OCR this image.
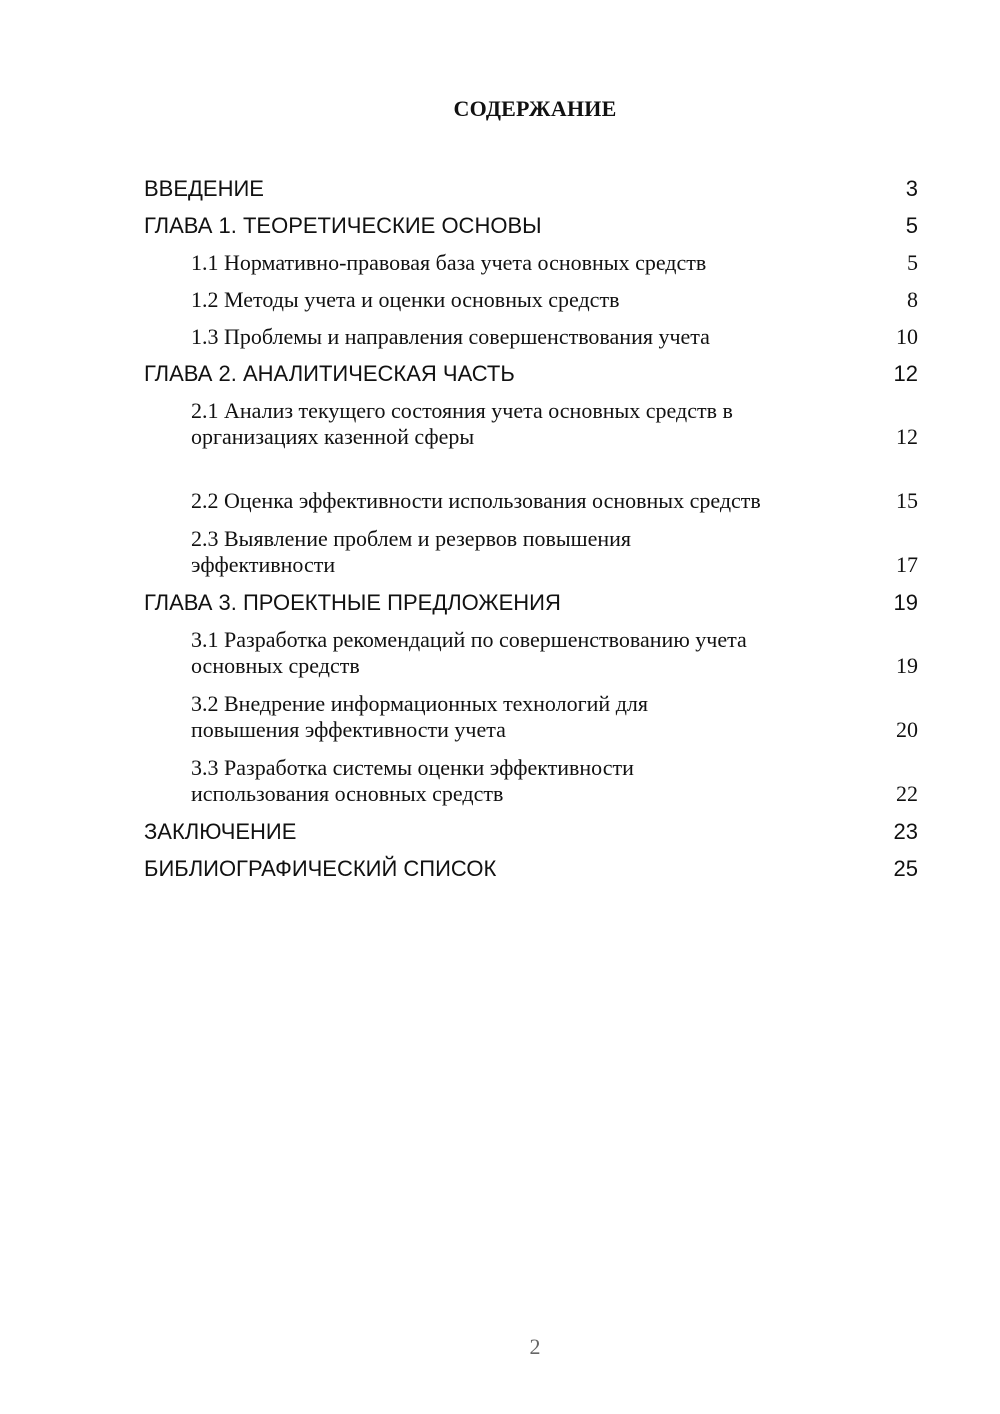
СОДЕРЖАНИЕ
ВВЕДЕНИЕ	3
ГЛАВА 1. ТЕОРЕТИЧЕСКИЕ ОСНОВЫ	5
1.1 Нормативно-правовая база учета основных средств	5
1.2 Методы учета и оценки основных средств	8
1.3 Проблемы и направления совершенствования учета	10
ГЛАВА 2. АНАЛИТИЧЕСКАЯ ЧАСТЬ	12
2.1 Анализ текущего состояния учета основных средств в организациях казенной сферы	12
2.2 Оценка эффективности использования основных средств	15
2.3 Выявление проблем и резервов повышения эффективности	17
ГЛАВА 3. ПРОЕКТНЫЕ ПРЕДЛОЖЕНИЯ	19
3.1 Разработка рекомендаций по совершенствованию учета основных средств	19
3.2 Внедрение информационных технологий для повышения эффективности учета	20
3.3 Разработка системы оценки эффективности использования основных средств	22
ЗАКЛЮЧЕНИЕ	23
БИБЛИОГРАФИЧЕСКИЙ СПИСОК	25
2
